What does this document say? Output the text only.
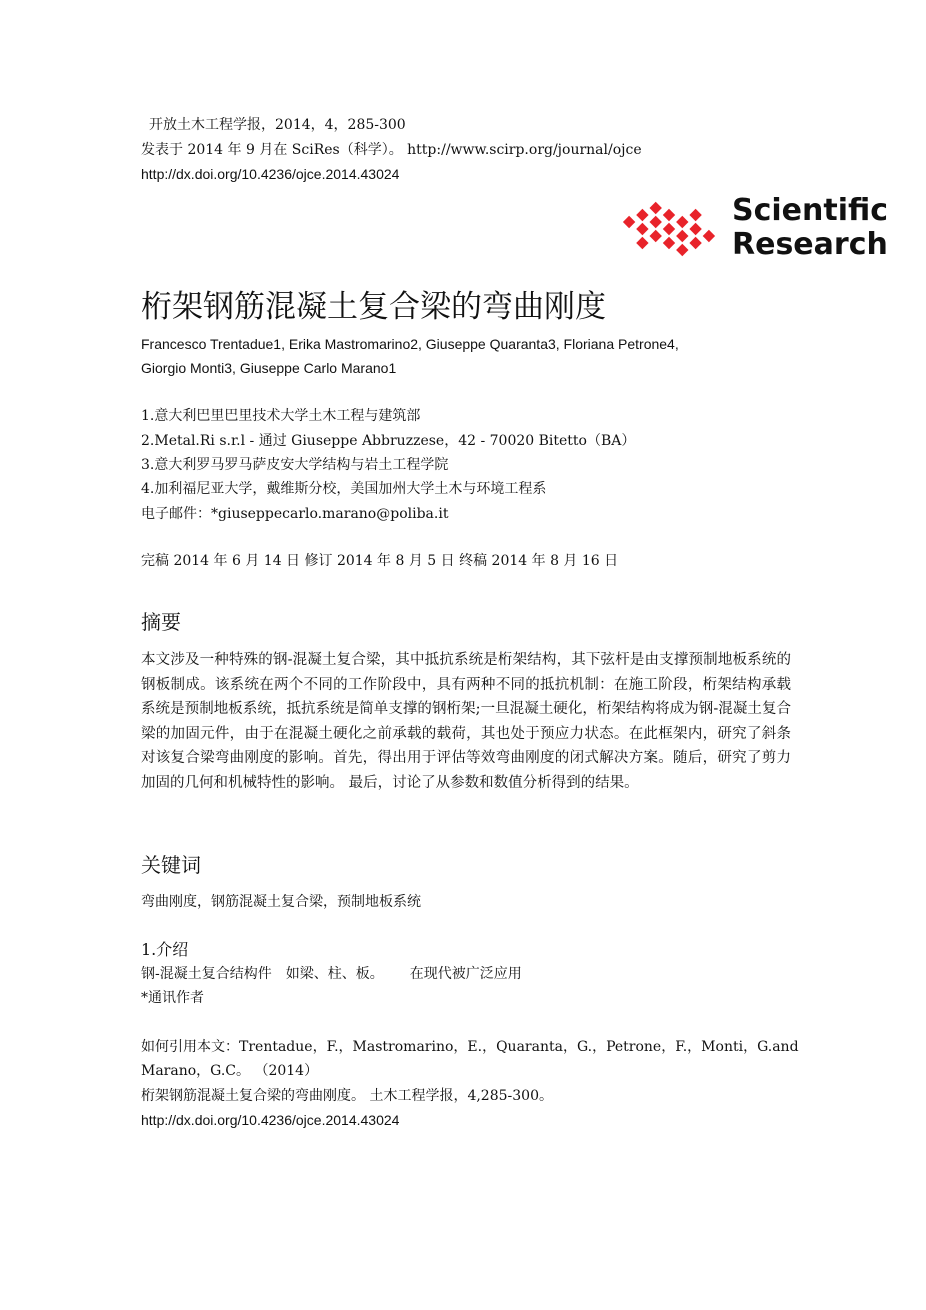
开放土木工程学报，2014，4，285-300
发表于 2014 年 9 月在 SciRes（科学）。 http://www.scirp.org/journal/ojce
http://dx.doi.org/10.4236/ojce.2014.43024
Scientific
Research
桁架钢筋混凝土复合梁的弯曲刚度
Francesco Trentadue1, Erika Mastromarino2, Giuseppe Quaranta3, Floriana Petrone4,
Giorgio Monti3, Giuseppe Carlo Marano1
1.意大利巴里巴里技术大学土木工程与建筑部
2.Metal.Ri s.r.l - 通过 Giuseppe Abbruzzese，42 - 70020 Bitetto（BA）
3.意大利罗马罗马萨皮安大学结构与岩土工程学院
4.加利福尼亚大学，戴维斯分校，美国加州大学土木与环境工程系
电子邮件：*giuseppecarlo.marano@poliba.it
完稿 2014 年 6 月 14 日 修订 2014 年 8 月 5 日 终稿 2014 年 8 月 16 日
摘要
本文涉及一种特殊的钢-混凝土复合梁，其中抵抗系统是桁架结构，其下弦杆是由支撑预制地板系统的钢板制成。该系统在两个不同的工作阶段中，具有两种不同的抵抗机制：在施工阶段，桁架结构承载系统是预制地板系统，抵抗系统是简单支撑的钢桁架;一旦混凝土硬化，桁架结构将成为钢-混凝土复合梁的加固元件，由于在混凝土硬化之前承载的载荷，其也处于预应力状态。在此框架内，研究了斜条对该复合梁弯曲刚度的影响。首先，得出用于评估等效弯曲刚度的闭式解决方案。随后，研究了剪力加固的几何和机械特性的影响。 最后，讨论了从参数和数值分析得到的结果。
关键词
弯曲刚度，钢筋混凝土复合梁，预制地板系统
1.介绍
钢-混凝土复合结构件 如梁、柱、板。 在现代被广泛应用
*通讯作者
如何引用本文：Trentadue，F.，Mastromarino，E.，Quaranta，G.，Petrone，F.，Monti，G.and
Marano，G.C。 （2014）
桁架钢筋混凝土复合梁的弯曲刚度。 土木工程学报，4,285-300。
http://dx.doi.org/10.4236/ojce.2014.43024
